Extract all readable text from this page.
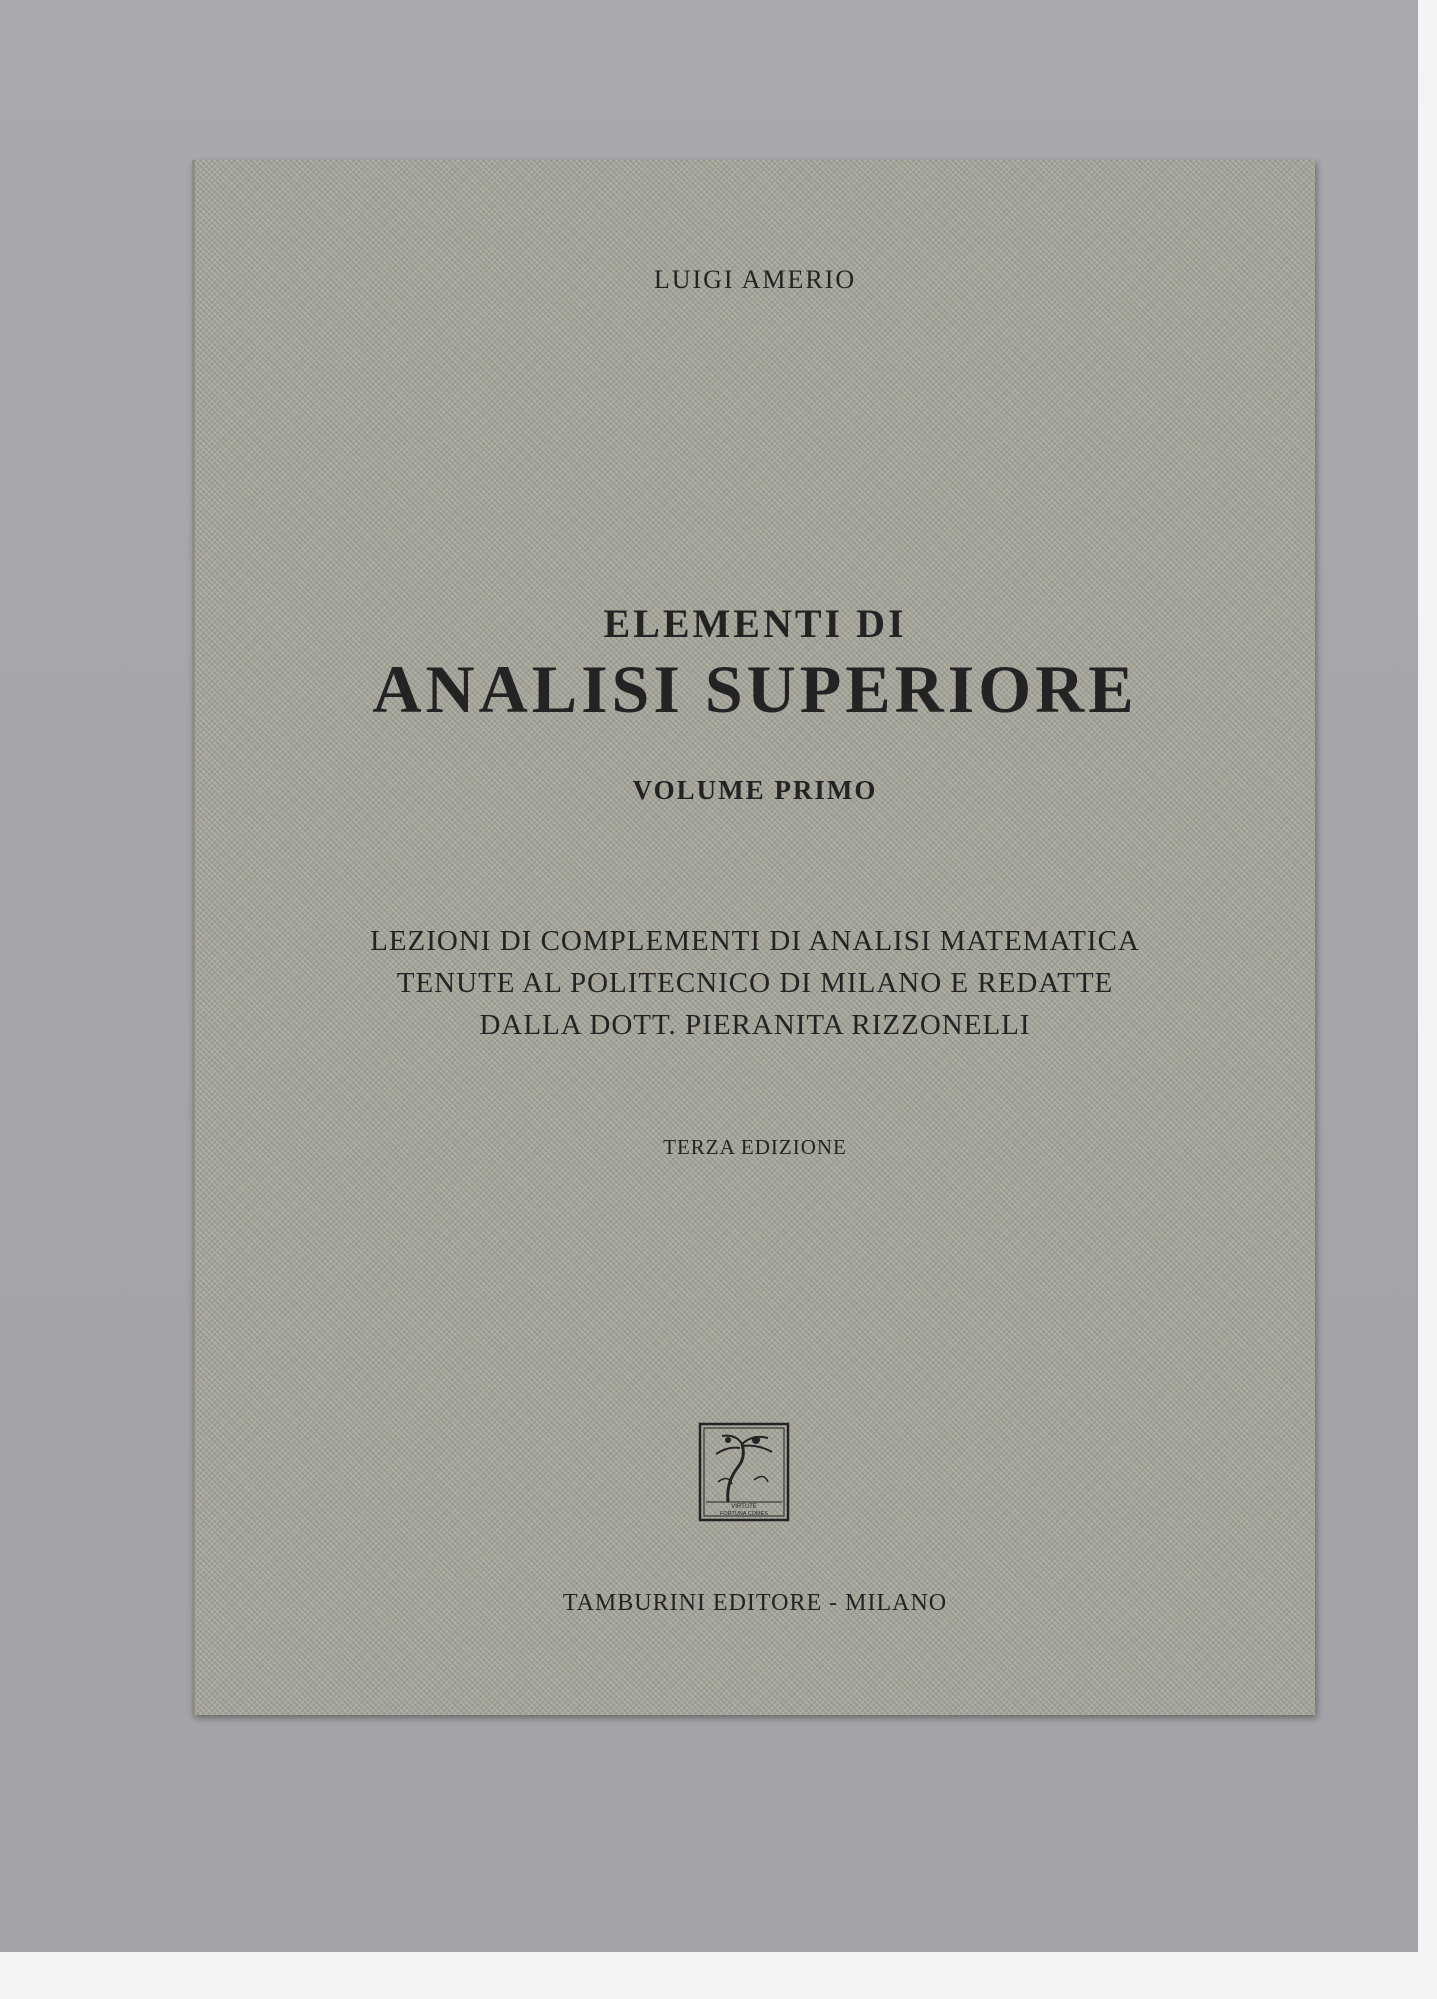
LUIGI AMERIO
ELEMENTI DI
ANALISI SUPERIORE
VOLUME PRIMO
LEZIONI DI COMPLEMENTI DI ANALISI MATEMATICA
TENUTE AL POLITECNICO DI MILANO E REDATTE
DALLA DOTT. PIERANITA RIZZONELLI
TERZA EDIZIONE
VIRTUTE
FORTUNA COMES
TAMBURINI EDITORE - MILANO
